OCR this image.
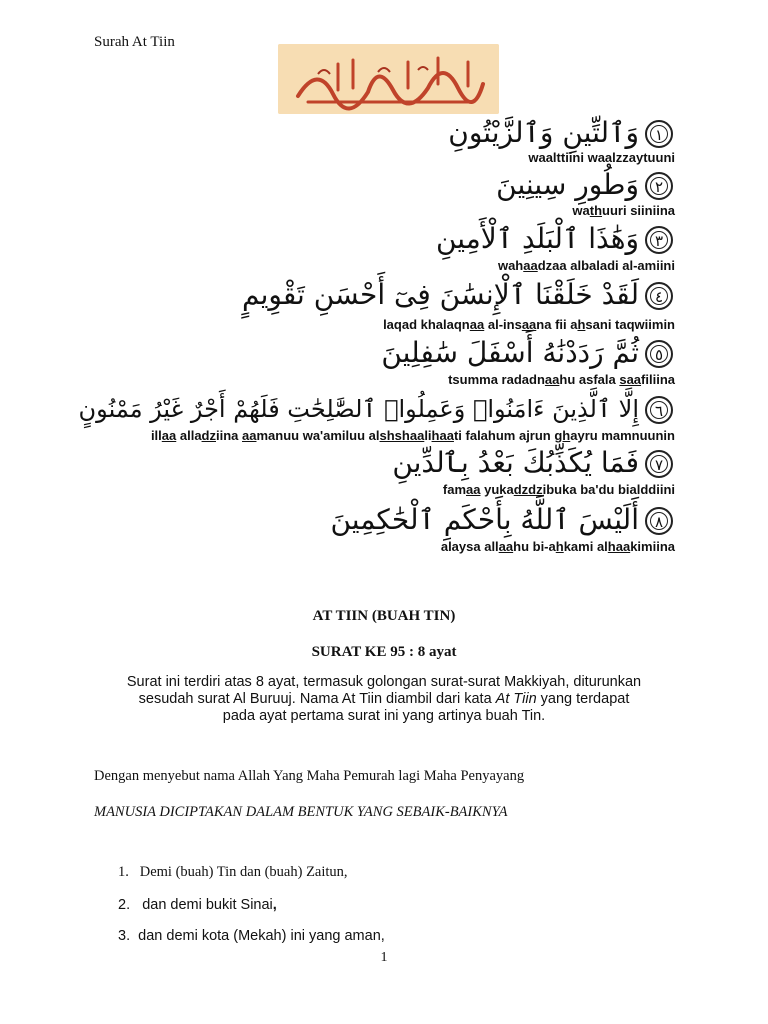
Surah At Tiin
١وَٱلتِّينِ وَٱلزَّيْتُونِ
waalttiini waalzzaytuuni
٢وَطُورِ سِينِينَ
wathuuri siiniina
٣وَهَٰذَا ٱلْبَلَدِ ٱلْأَمِينِ
wahaadzaa albaladi al-amiini
٤لَقَدْ خَلَقْنَا ٱلْإِنسَٰنَ فِىٓ أَحْسَنِ تَقْوِيمٍ
laqad khalaqnaa al-insaana fii ahsani taqwiimin
٥ثُمَّ رَدَدْنَٰهُ أَسْفَلَ سَٰفِلِينَ
tsumma radadnaahu asfala saafiliina
٦إِلَّا ٱلَّذِينَ ءَامَنُوا۟ وَعَمِلُوا۟ ٱلصَّٰلِحَٰتِ فَلَهُمْ أَجْرٌ غَيْرُ مَمْنُونٍ
illaa alladziina aamanuu wa'amiluu alshshaalihaati falahum ajrun ghayru mamnuunin
٧فَمَا يُكَذِّبُكَ بَعْدُ بِٱلدِّينِ
famaa yukadzdzibuka ba'du bialddiini
٨أَلَيْسَ ٱللَّهُ بِأَحْكَمِ ٱلْحَٰكِمِينَ
alaysa allaahu bi-ahkami alhaakimiina
AT TIIN (BUAH TIN)
SURAT KE 95 : 8 ayat
Surat ini terdiri atas 8 ayat, termasuk golongan surat-surat Makkiyah, diturunkan
sesudah surat Al Buruuj. Nama At Tiin diambil dari kata At Tiin yang terdapat
pada ayat pertama surat ini yang artinya buah Tin.
Dengan menyebut nama Allah Yang Maha Pemurah lagi Maha Penyayang
MANUSIA DICIPTAKAN DALAM BENTUK YANG SEBAIK-BAIKNYA
1. Demi (buah) Tin dan (buah) Zaitun,
2. dan demi bukit Sinai,
3. dan demi kota (Mekah) ini yang aman,
1
